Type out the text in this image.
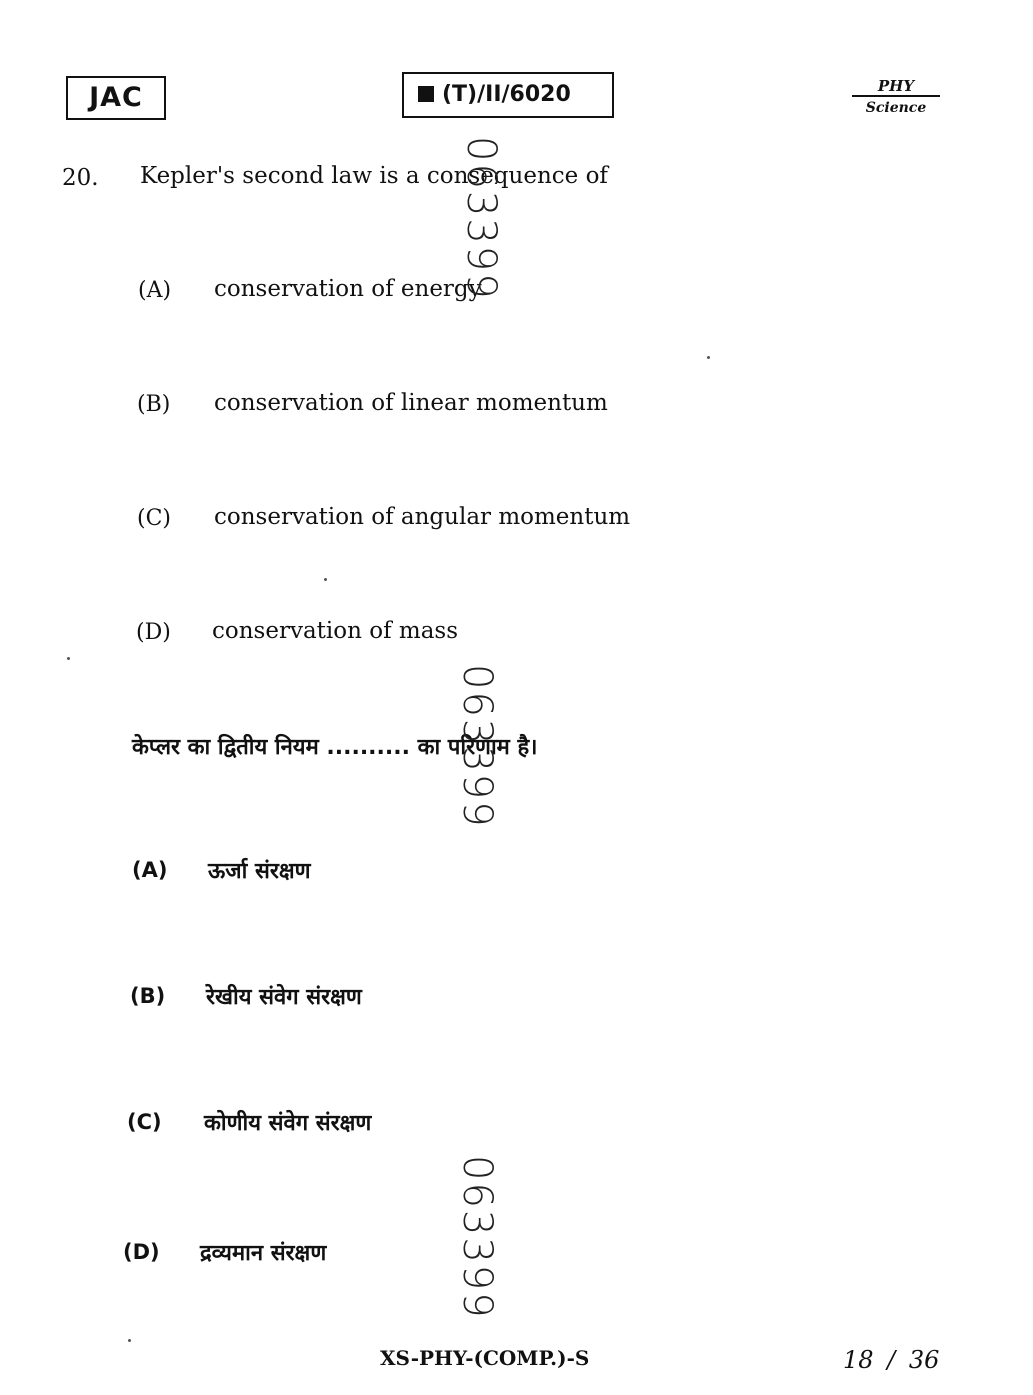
JAC	(T)/II/6020	PHY
Science
20. Kepler's second law is a consequence of
(A) conservation of energy
(B) conservation of linear momentum
(C) conservation of angular momentum
(D) conservation of mass
केप्लर का द्वितीय नियम .......... का परिणाम है।
(A) ऊर्जा संरक्षण
(B) रेखीय संवेग संरक्षण
(C) कोणीय संवेग संरक्षण
(D) द्रव्यमान संरक्षण
063399
063399
063399
XS-PHY-(COMP.)-S	18 / 36
